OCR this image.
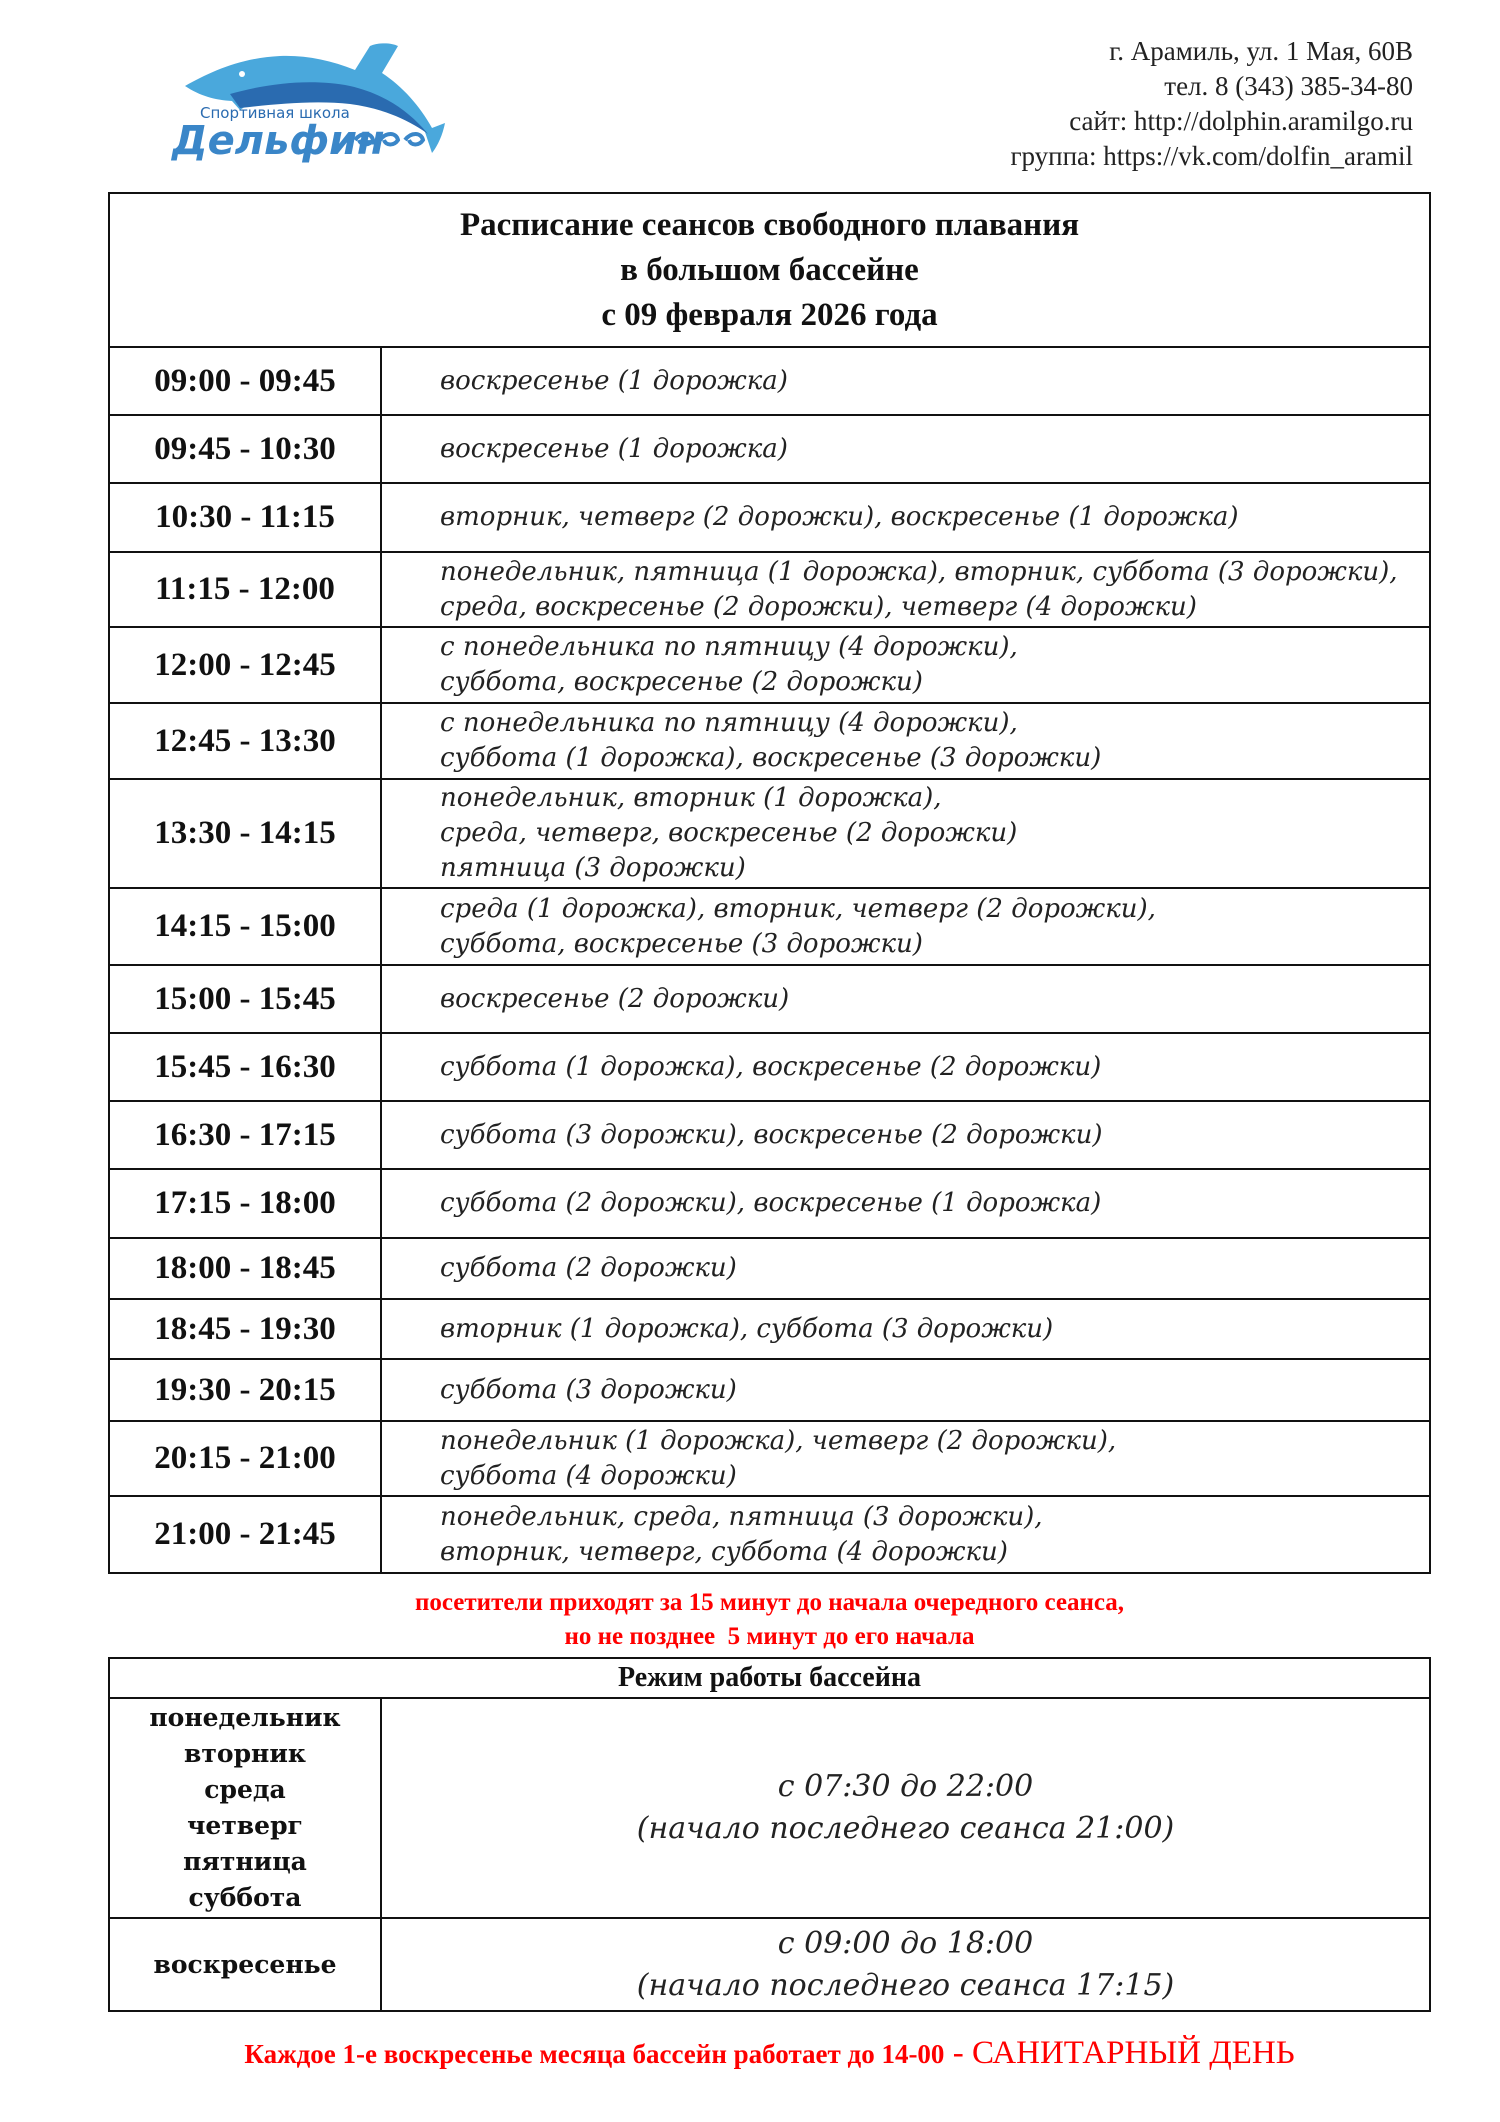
Спортивная школа
Дельфин
г. Арамиль, ул. 1 Мая, 60В
тел. 8 (343) 385-34-80
сайт: http://dolphin.aramilgo.ru
группа: https://vk.com/dolfin_aramil
Расписание сеансов свободного плавания
в большом бассейне
с 09 февраля 2026 года	

09:00 - 09:45	воскресенье (1 дорожка)

09:45 - 10:30	воскресенье (1 дорожка)

10:30 - 11:15	вторник, четверг (2 дорожки), воскресенье (1 дорожка)

11:15 - 12:00	понедельник, пятница (1 дорожка), вторник, суббота (3 дорожки),
среда, воскресенье (2 дорожки), четверг (4 дорожки)

12:00 - 12:45	с понедельника по пятницу (4 дорожки),
суббота, воскресенье (2 дорожки)

12:45 - 13:30	с понедельника по пятницу (4 дорожки),
суббота (1 дорожка), воскресенье (3 дорожки)

13:30 - 14:15	понедельник, вторник (1 дорожка),
среда, четверг, воскресенье (2 дорожки)
пятница (3 дорожки)

14:15 - 15:00	среда (1 дорожка), вторник, четверг (2 дорожки),
суббота, воскресенье (3 дорожки)

15:00 - 15:45	воскресенье (2 дорожки)

15:45 - 16:30	суббота (1 дорожка), воскресенье (2 дорожки)

16:30 - 17:15	суббота (3 дорожки), воскресенье (2 дорожки)

17:15 - 18:00	суббота (2 дорожки), воскресенье (1 дорожка)

18:00 - 18:45	суббота (2 дорожки)

18:45 - 19:30	вторник (1 дорожка), суббота (3 дорожки)

19:30 - 20:15	суббота (3 дорожки)

20:15 - 21:00	понедельник (1 дорожка), четверг (2 дорожки),
суббота (4 дорожки)

21:00 - 21:45	понедельник, среда, пятница (3 дорожки),
вторник, четверг, суббота (4 дорожки)
посетители приходят за 15 минут до начала очередного сеанса,
но не позднее  5 минут до его начала
Режим работы бассейна	

понедельник
вторник
среда
четверг
пятница
суббота

с 07:30 до 22:00
(начало последнего сеанса 21:00)

воскресенье	с 09:00 до 18:00
(начало последнего сеанса 17:15)
Каждое 1-е воскресенье месяца бассейн работает до 14-00 - САНИТАРНЫЙ ДЕНЬ
